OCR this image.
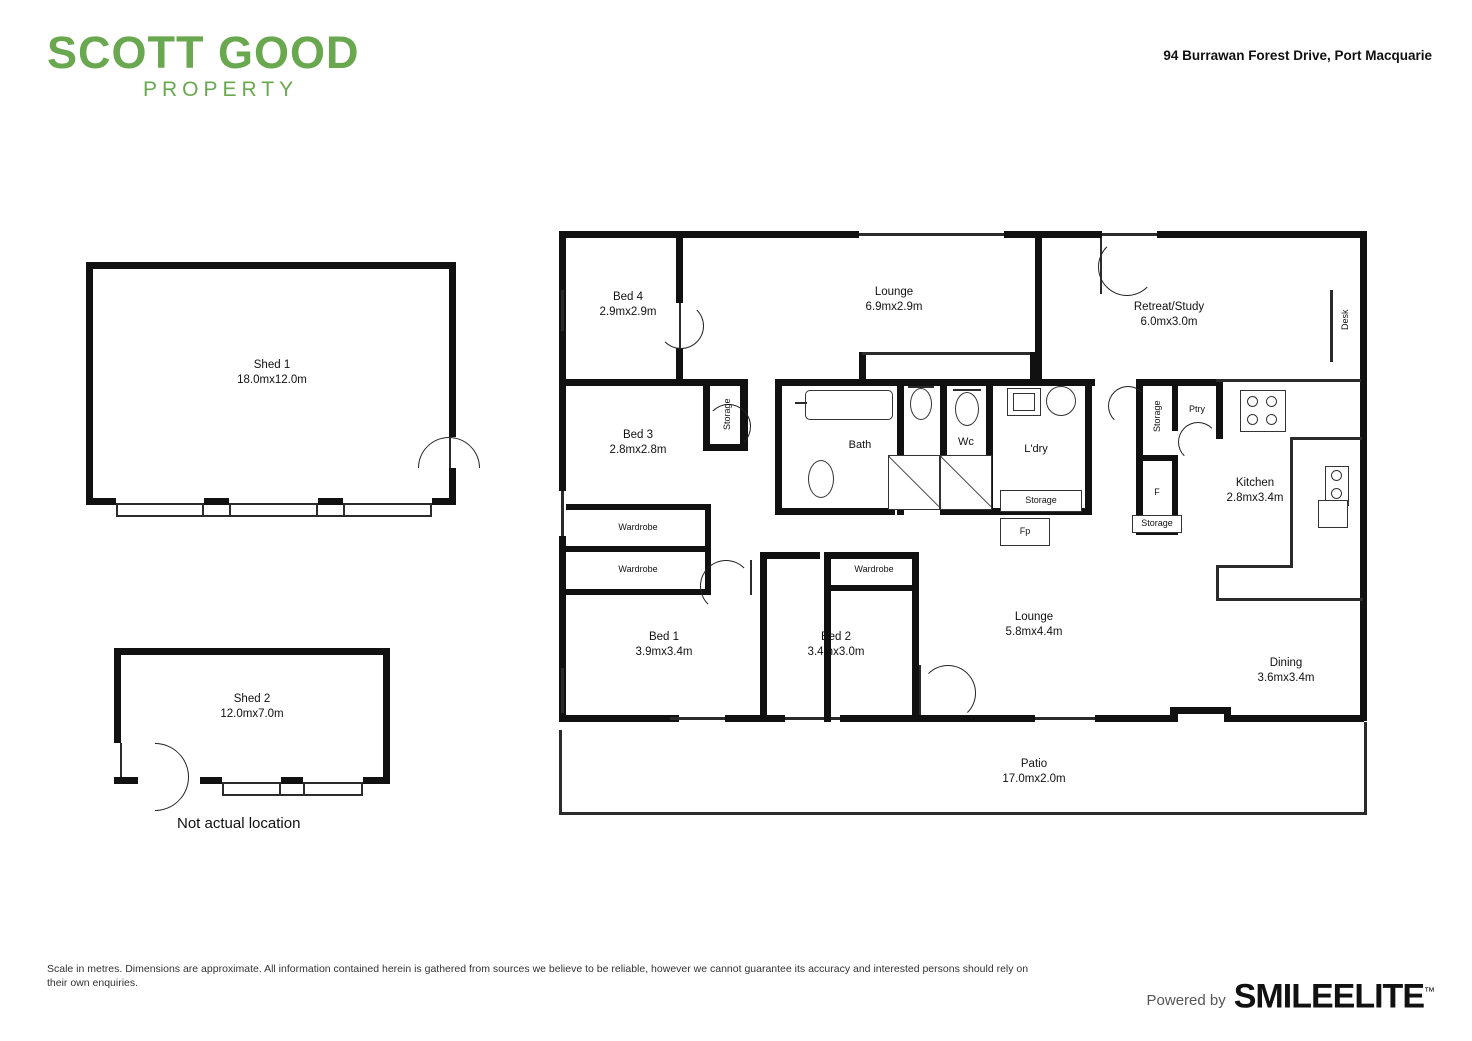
SCOTT GOOD
PROPERTY
94 Burrawan Forest Drive, Port Macquarie
Shed 1
18.0mx12.0m
Shed 2
12.0mx7.0m
Not actual location
Storage
Wardrobe
Wardrobe	Wardrobe
Bath	Wc
L'dry
Storage
Fp
Storage	Ptry
F
Storage
Desk
Bed 4
2.9mx2.9m
Lounge
6.9mx2.9m	Retreat/Study
6.0mx3.0m
Bed 3
2.8mx2.8m
Kitchen
2.8mx3.4m
Bed 1
3.9mx3.4m
Bed 2
3.4mx3.0m
Lounge
5.8mx4.4m
Dining
3.6mx3.4m
Patio
17.0mx2.0m
Scale in metres. Dimensions are approximate. All information contained herein is gathered from sources we believe to be reliable, however we cannot guarantee its accuracy and interested persons should rely on their own enquiries.
Powered by SMILEELITE™
